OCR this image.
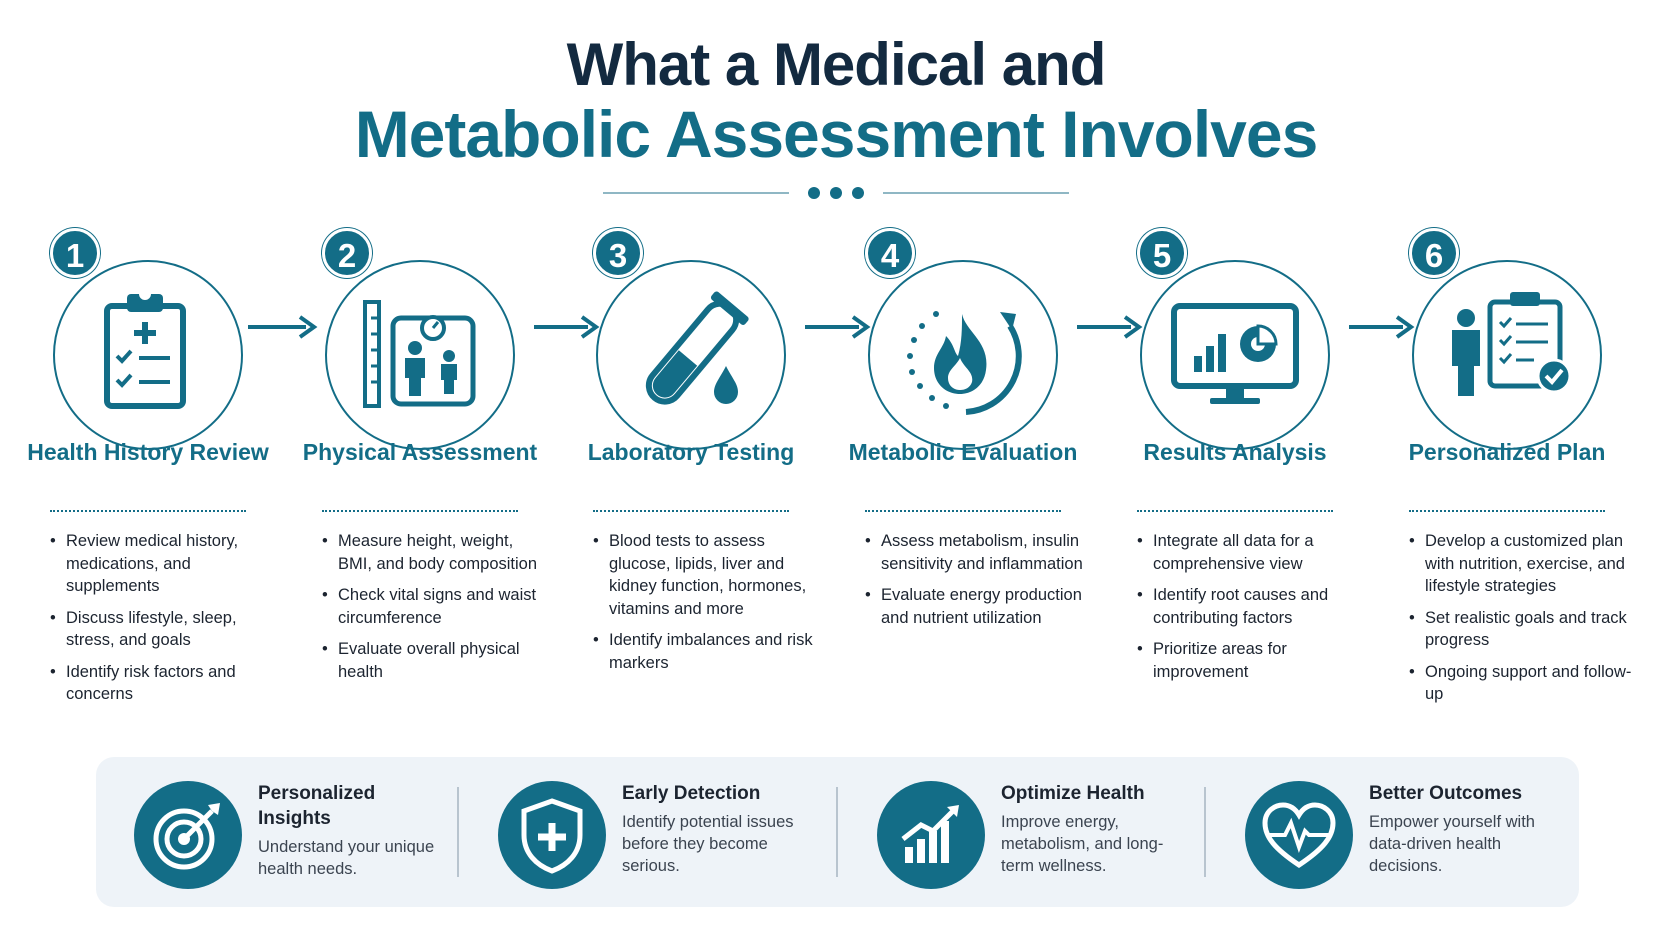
What a Medical and
Metabolic Assessment Involves
1
Health History Review
• Review medical history, medications, and supplements
• Discuss lifestyle, sleep, stress, and goals
• Identify risk factors and concerns
2
Physical Assessment
• Measure height, weight, BMI, and body composition
• Check vital signs and waist circumference
• Evaluate overall physical health
3
Laboratory Testing
• Blood tests to assess glucose, lipids, liver and kidney function, hormones, vitamins and more
• Identify imbalances and risk markers
4
Metabolic Evaluation
• Assess metabolism, insulin sensitivity and inflammation
• Evaluate energy production and nutrient utilization
5
Results Analysis
• Integrate all data for a comprehensive view
• Identify root causes and contributing factors
• Prioritize areas for improvement
6
Personalized Plan
• Develop a customized plan with nutrition, exercise, and lifestyle strategies
• Set realistic goals and track progress
• Ongoing support and follow-up
Personalized Insights
Understand your unique health needs.
Early Detection
Identify potential issues before they become serious.
Optimize Health
Improve energy, metabolism, and long-term wellness.
Better Outcomes
Empower yourself with data-driven health decisions.
